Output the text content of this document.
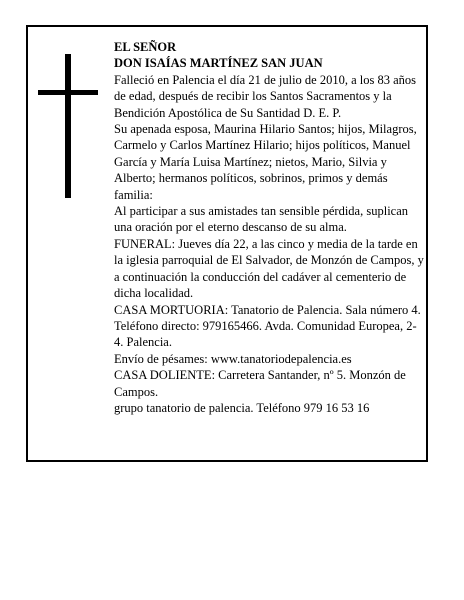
EL SEÑOR

DON ISAÍAS MARTÍNEZ SAN JUAN

Falleció en Palencia el día 21 de julio de 2010, a los 83 años de edad, después de recibir los Santos Sacramentos y la Bendición Apostólica de Su Santidad D. E. P.

Su apenada esposa, Maurina Hilario Santos; hijos, Milagros, Carmelo y Carlos Martínez Hilario; hijos políticos, Manuel García y María Luisa Martínez; nietos, Mario, Silvia y Alberto; hermanos políticos, sobrinos, primos y demás familia:

Al participar a sus amistades tan sensible pérdida, suplican una oración por el eterno descanso de su alma.

FUNERAL: Jueves día 22, a las cinco y media de la tarde en la iglesia parroquial de El Salvador, de Monzón de Campos, y a continuación la conducción del cadáver al cementerio de dicha localidad.

CASA MORTUORIA: Tanatorio de Palencia. Sala número 4. Teléfono directo: 979165466. Avda. Comunidad Europea, 2-4. Palencia.

Envío de pésames: www.tanatoriodepalencia.es

CASA DOLIENTE: Carretera Santander, nº 5. Monzón de Campos.

grupo tanatorio de palencia. Teléfono 979 16 53 16
